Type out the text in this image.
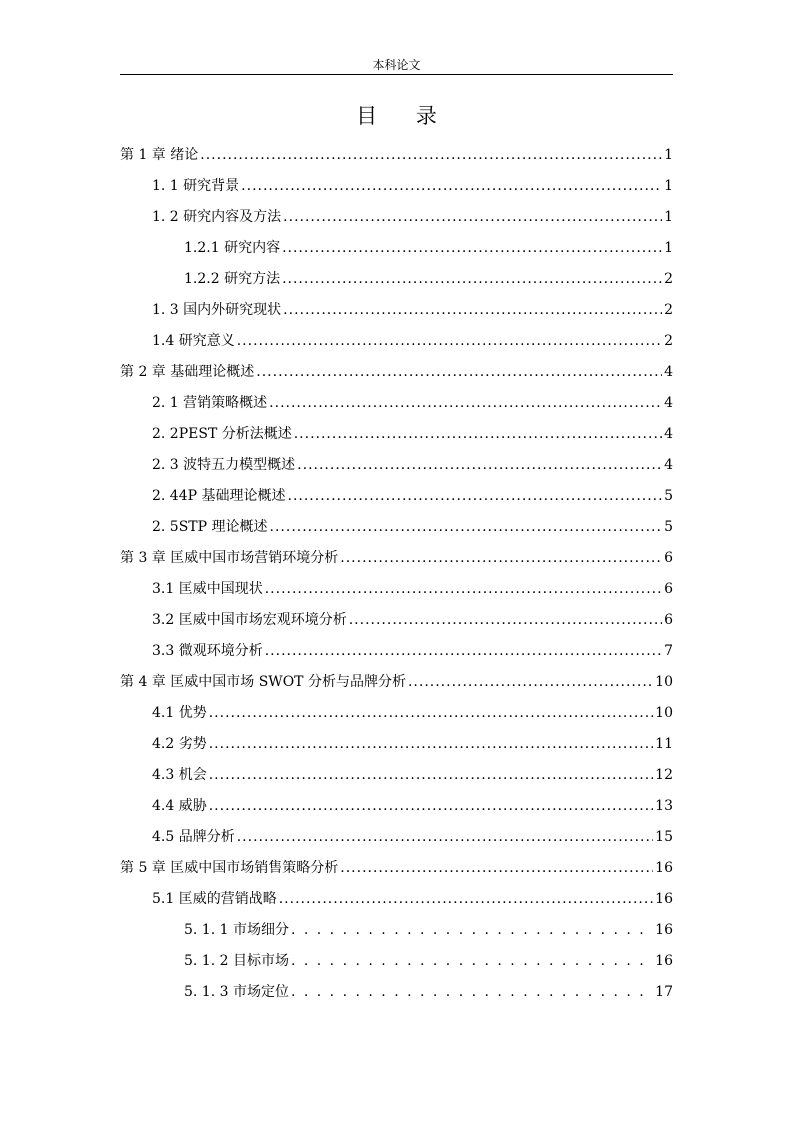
本科论文
目 录
第 1 章 绪论 .....	1
1. 1 研究背景 .....	1
1. 2 研究内容及方法 .....	1
1.2.1 研究内容 .....	1
1.2.2 研究方法 .....	2
1. 3 国内外研究现状 .....	2
1.4 研究意义 .....	2
第 2 章 基础理论概述 .....	4
2. 1 营销策略概述 .....	4
2. 2PEST 分析法概述 .....	4
2. 3 波特五力模型概述 .....	4
2. 44P 基础理论概述 .....	5
2. 5STP 理论概述 .....	5
第 3 章 匡威中国市场营销环境分析 .....	6
3.1 匡威中国现状 .....	6
3.2 匡威中国市场宏观环境分析 .....	6
3.3 微观环境分析 .....	7
第 4 章 匡威中国市场 SWOT 分析与品牌分析 .....	10
4.1 优势 .....	10
4.2 劣势 .....	11
4.3 机会 .....	12
4.4 威胁 .....	13
4.5 品牌分析 .....	15
第 5 章 匡威中国市场销售策略分析 .....	16
5.1 匡威的营销战略 .....	16
5. 1. 1 市场细分 . . .	16
5. 1. 2 目标市场 . . .	16
5. 1. 3 市场定位 . . .	17
